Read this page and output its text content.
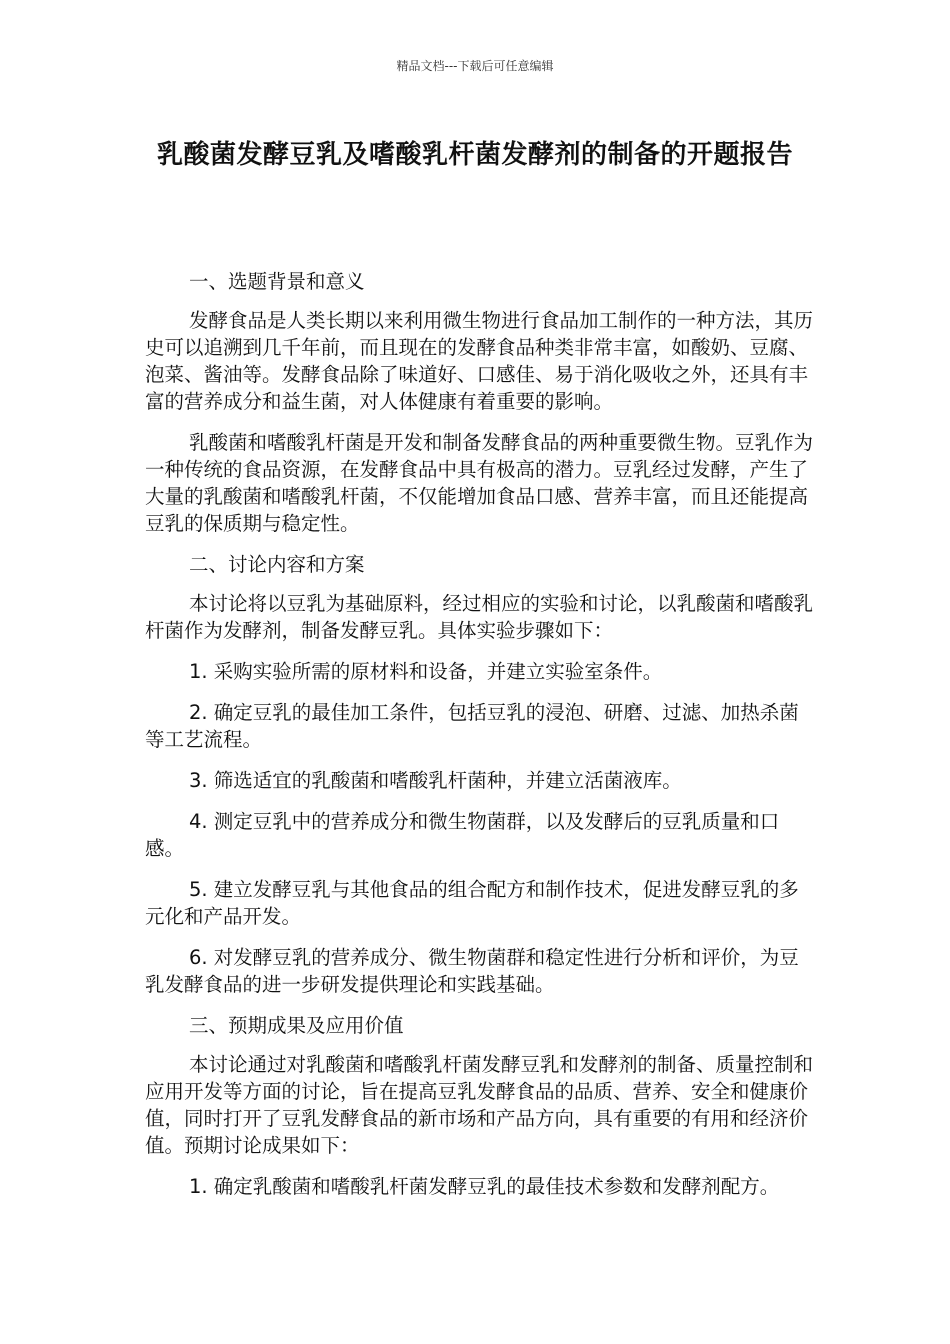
精品文档---下载后可任意编辑
乳酸菌发酵豆乳及嗜酸乳杆菌发酵剂的制备的开题报告

一、选题背景和意义

发酵食品是人类长期以来利用微生物进行食品加工制作的一种方法，其历史可以追溯到几千年前，而且现在的发酵食品种类非常丰富，如酸奶、豆腐、泡菜、酱油等。发酵食品除了味道好、口感佳、易于消化吸收之外，还具有丰富的营养成分和益生菌，对人体健康有着重要的影响。

乳酸菌和嗜酸乳杆菌是开发和制备发酵食品的两种重要微生物。豆乳作为一种传统的食品资源，在发酵食品中具有极高的潜力。豆乳经过发酵，产生了大量的乳酸菌和嗜酸乳杆菌，不仅能增加食品口感、营养丰富，而且还能提高豆乳的保质期与稳定性。

二、讨论内容和方案

本讨论将以豆乳为基础原料，经过相应的实验和讨论，以乳酸菌和嗜酸乳杆菌作为发酵剂，制备发酵豆乳。具体实验步骤如下：

1. 采购实验所需的原材料和设备，并建立实验室条件。

2. 确定豆乳的最佳加工条件，包括豆乳的浸泡、研磨、过滤、加热杀菌等工艺流程。

3. 筛选适宜的乳酸菌和嗜酸乳杆菌种，并建立活菌液库。

4. 测定豆乳中的营养成分和微生物菌群，以及发酵后的豆乳质量和口感。

5. 建立发酵豆乳与其他食品的组合配方和制作技术，促进发酵豆乳的多元化和产品开发。

6. 对发酵豆乳的营养成分、微生物菌群和稳定性进行分析和评价，为豆乳发酵食品的进一步研发提供理论和实践基础。

三、预期成果及应用价值

本讨论通过对乳酸菌和嗜酸乳杆菌发酵豆乳和发酵剂的制备、质量控制和应用开发等方面的讨论，旨在提高豆乳发酵食品的品质、营养、安全和健康价值，同时打开了豆乳发酵食品的新市场和产品方向，具有重要的有用和经济价值。预期讨论成果如下：

1. 确定乳酸菌和嗜酸乳杆菌发酵豆乳的最佳技术参数和发酵剂配方。
